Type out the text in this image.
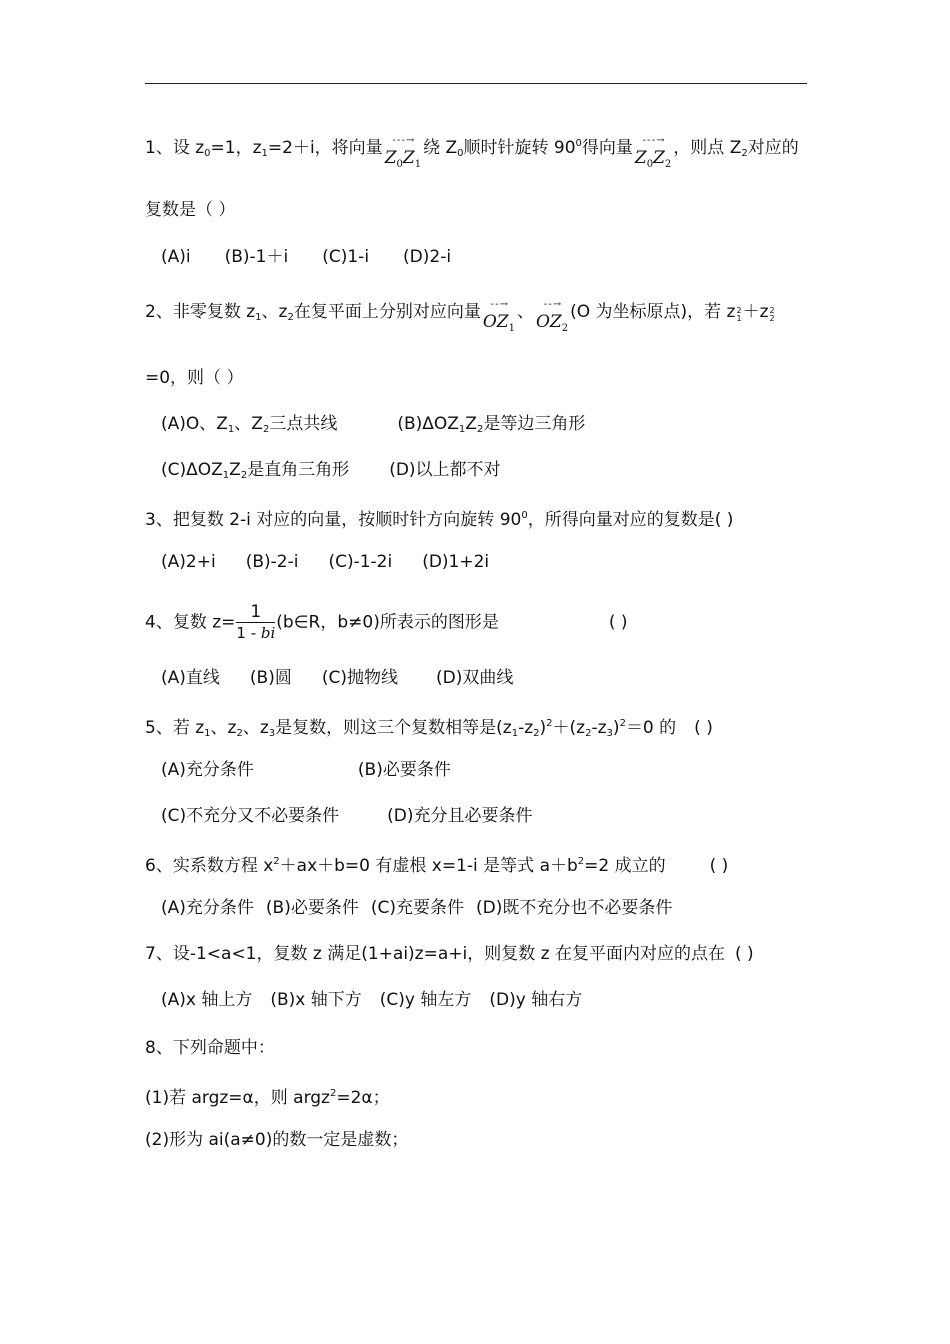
1、设 $z_0=1$，$z_1=2+i$，将向量 - - - →
$Z_0Z_1$绕 $Z_0$顺时针旋转 $90^0$得向量 - - - →
$Z_0Z_2$，则点 $Z_2$对应的
复数是（ ）
(A)i (B)-1＋i (C)1-i (D)2-i
2、非零复数 $z_1$、$z_2$在复平面上分别对应向量 - - →
$OZ_1$、 - - →
$OZ_2(O$ 为坐标原点)，若 z 2
1 ＋z 2
2
=0，则（ ）
(A)O、$Z_1$、$Z_2$三点共线	$(B)\Delta OZ_1Z_2$是等边三角形
$(C)\Delta OZ_1Z_2$是直角三角形 (D)以上都不对
3、把复数 2-i 对应的向量，按顺时针方向旋转 $90^0$，所得向量对应的复数是( )
(A)2+i (B)-2-i (C)-1-2i (D)1+2i
4、复数 $z= \frac{1}{1 - bi}$ (b∈R，b≠0)所表示的图形是	( )
(A)直线 (B)圆 (C)抛物线 (D)双曲线
5、若 $z_1$、$z_2$、$z_3$是复数，则这三个复数相等是$(z_1-z_2)^2+(z_2-z_3)^2=0$ 的 ( )
(A)充分条件	(B)必要条件
(C)不充分又不必要条件	(D)充分且必要条件
6、实系数方程 $x^2+ax+b=0$ 有虚根 x=1-i 是等式 $a+b^2=2$ 成立的	( )
(A)充分条件 (B)必要条件 (C)充要条件 (D)既不充分也不必要条件
7、设-1<a<1，复数 z 满足(1+ai)z=a+i，则复数 z 在复平面内对应的点在 ( )
(A)x 轴上方 (B)x 轴下方 (C)y 轴左方 (D)y 轴右方
8、下列命题中：
(1)若 argz=α，则 argz$^2$=2α；
(2)形为 ai(a≠0)的数一定是虚数；
